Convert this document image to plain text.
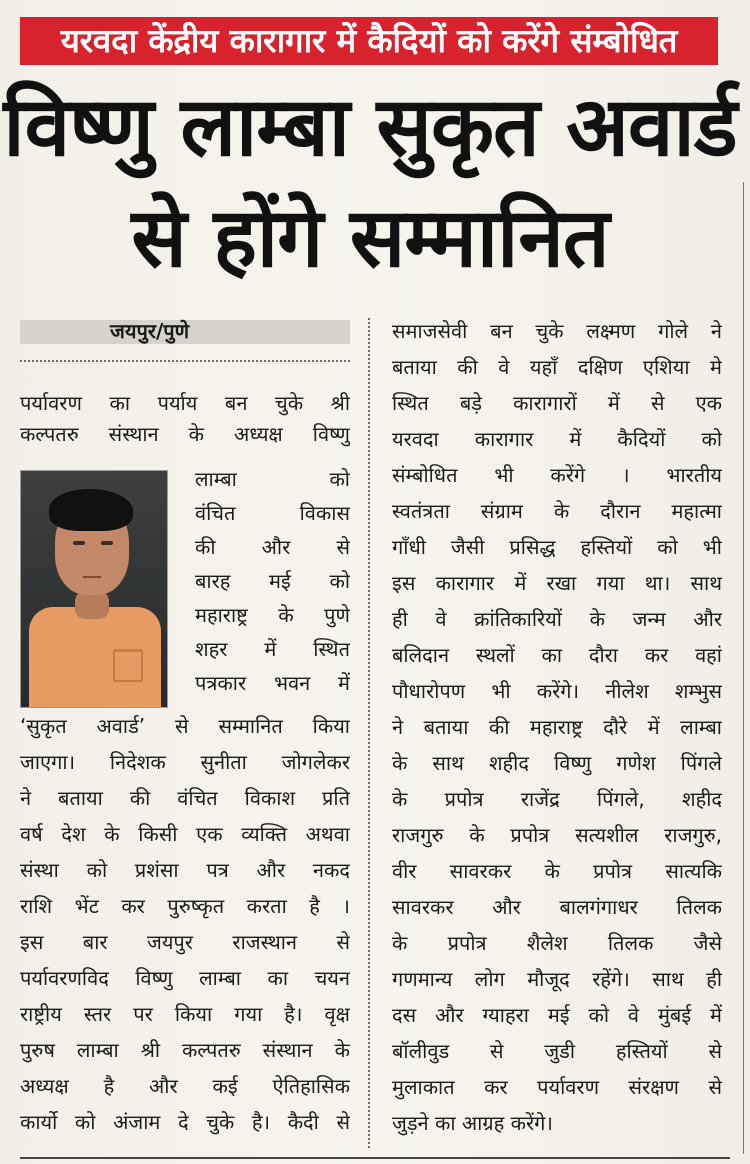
यरवदा केंद्रीय कारागार में कैदियों को करेंगे संम्बोधित
विष्णु लाम्बा सुकृत अवार्ड
से होंगे सम्मानित
जयपुर/पुणे
पर्यावरण का पर्याय बन चुके श्री
कल्पतरु संस्थान के अध्यक्ष विष्णु
लाम्बा को
वंचित विकास
की और से
बारह मई को
महाराष्ट्र के पुणे
शहर में स्थित
पत्रकार भवन में
‘सुकृत अवार्ड’ से सम्मानित किया
जाएगा। निदेशक सुनीता जोगलेकर
ने बताया की वंचित विकाश प्रति
वर्ष देश के किसी एक व्यक्ति अथवा
संस्था को प्रशंसा पत्र और नकद
राशि भेंट कर पुरुष्कृत करता है ।
इस बार जयपुर राजस्थान से
पर्यावरणविद विष्णु लाम्बा का चयन
राष्ट्रीय स्तर पर किया गया है। वृक्ष
पुरुष लाम्बा श्री कल्पतरु संस्थान के
अध्यक्ष है और कई ऐतिहासिक
कार्यो को अंजाम दे चुके है। कैदी से
समाजसेवी बन चुके लक्ष्मण गोले ने
बताया की वे यहाँ दक्षिण एशिया मे
स्थित बड़े कारागारों में से एक
यरवदा कारागार में कैदियों को
संम्बोधित भी करेंगे । भारतीय
स्वतंत्रता संग्राम के दौरान महात्मा
गाँधी जैसी प्रसिद्ध हस्तियों को भी
इस कारागार में रखा गया था। साथ
ही वे क्रांतिकारियों के जन्म और
बलिदान स्थलों का दौरा कर वहां
पौधारोपण भी करेंगे। नीलेश शम्भुस
ने बताया की महाराष्ट्र दौरे में लाम्बा
के साथ शहीद विष्णु गणेश पिंगले
के प्रपोत्र राजेंद्र पिंगले, शहीद
राजगुरु के प्रपोत्र सत्यशील राजगुरु,
वीर सावरकर के प्रपोत्र सात्यकि
सावरकर और बालगंगाधर तिलक
के प्रपोत्र शैलेश तिलक जैसे
गणमान्य लोग मौजूद रहेंगे। साथ ही
दस और ग्याहरा मई को वे मुंबई में
बॉलीवुड से जुडी हस्तियों से
मुलाकात कर पर्यावरण संरक्षण से
जुड़ने का आग्रह करेंगे।
